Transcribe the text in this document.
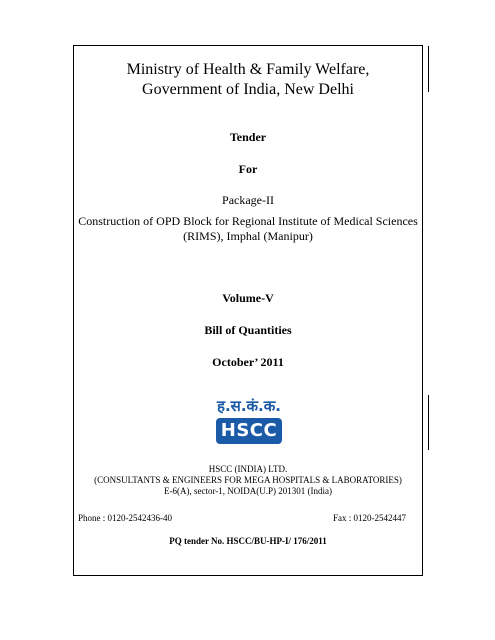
Ministry of Health & Family Welfare,
Government of India, New Delhi

Tender

For

Package-II

Construction of OPD Block for Regional Institute of Medical Sciences (RIMS), Imphal (Manipur)

Volume-V

Bill of Quantities

October’ 2011

ह.स.कं.क.
HSCC

HSCC (INDIA) LTD.

(CONSULTANTS & ENGINEERS FOR MEGA HOSPITALS & LABORATORIES)

E-6(A), sector-1, NOIDA(U.P) 201301 (India)

Phone : 0120-2542436-40	Fax : 0120-2542447

PQ tender No. HSCC/BU-HP-I/ 176/2011
